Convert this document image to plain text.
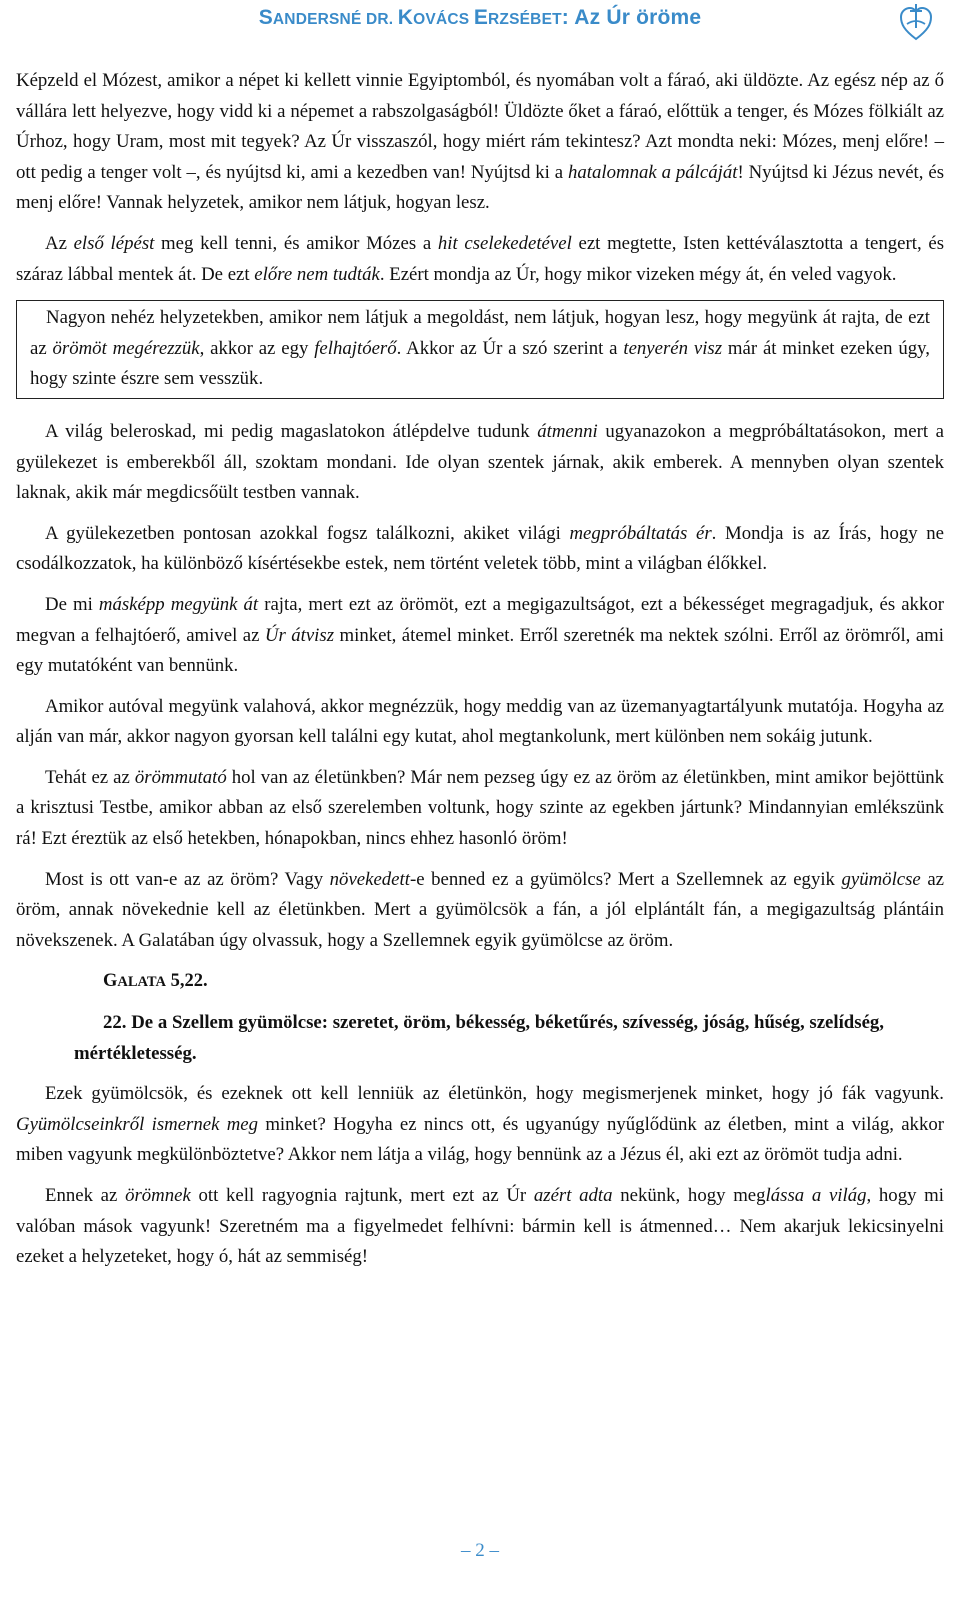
SANDERSNÉ DR. KOVÁCS ERZSÉBET: Az Úr öröme

Képzeld el Mózest, amikor a népet ki kellett vinnie Egyiptomból, és nyomában volt a fáraó, aki üldözte. Az egész nép az ő vállára lett helyezve, hogy vidd ki a népemet a rabszolgaságból! Üldözte őket a fáraó, előttük a tenger, és Mózes fölkiált az Úrhoz, hogy Uram, most mit tegyek? Az Úr visszaszól, hogy miért rám tekintesz? Azt mondta neki: Mózes, menj előre! – ott pedig a tenger volt –, és nyújtsd ki, ami a kezedben van! Nyújtsd ki a hatalomnak a pálcáját! Nyújtsd ki Jézus nevét, és menj előre! Vannak helyzetek, amikor nem látjuk, hogyan lesz.

Az első lépést meg kell tenni, és amikor Mózes a hit cselekedetével ezt megtette, Isten kettéválasztotta a tengert, és száraz lábbal mentek át. De ezt előre nem tudták. Ezért mondja az Úr, hogy mikor vizeken mégy át, én veled vagyok.

Nagyon nehéz helyzetekben, amikor nem látjuk a megoldást, nem látjuk, hogyan lesz, hogy megyünk át rajta, de ezt az örömöt megérezzük, akkor az egy felhajtóerő. Akkor az Úr a szó szerint a tenyerén visz már át minket ezeken úgy, hogy szinte észre sem vesszük.

A világ beleroskad, mi pedig magaslatokon átlépdelve tudunk átmenni ugyanazokon a megpróbáltatásokon, mert a gyülekezet is emberekből áll, szoktam mondani. Ide olyan szentek járnak, akik emberek. A mennyben olyan szentek laknak, akik már megdicsőült testben vannak.

A gyülekezetben pontosan azokkal fogsz találkozni, akiket világi megpróbáltatás ér. Mondja is az Írás, hogy ne csodálkozzatok, ha különböző kísértésekbe estek, nem történt veletek több, mint a világban élőkkel.

De mi másképp megyünk át rajta, mert ezt az örömöt, ezt a megigazultságot, ezt a békességet megragadjuk, és akkor megvan a felhajtóerő, amivel az Úr átvisz minket, átemel minket. Erről szeretnék ma nektek szólni. Erről az örömről, ami egy mutatóként van bennünk.

Amikor autóval megyünk valahová, akkor megnézzük, hogy meddig van az üzemanyagtartályunk mutatója. Hogyha az alján van már, akkor nagyon gyorsan kell találni egy kutat, ahol megtankolunk, mert különben nem sokáig jutunk.

Tehát ez az örömmutató hol van az életünkben? Már nem pezseg úgy ez az öröm az életünkben, mint amikor bejöttünk a krisztusi Testbe, amikor abban az első szerelemben voltunk, hogy szinte az egekben jártunk? Mindannyian emlékszünk rá! Ezt éreztük az első hetekben, hónapokban, nincs ehhez hasonló öröm!

Most is ott van-e az az öröm? Vagy növekedett-e benned ez a gyümölcs? Mert a Szellemnek az egyik gyümölcse az öröm, annak növekednie kell az életünkben. Mert a gyümölcsök a fán, a jól elplántált fán, a megigazultság plántáin növekszenek. A Galatában úgy olvassuk, hogy a Szellemnek egyik gyümölcse az öröm.

GALATA 5,22.

22. De a Szellem gyümölcse: szeretet, öröm, békesség, béketűrés, szívesség, jóság, hűség, szelídség, mértékletesség.

Ezek gyümölcsök, és ezeknek ott kell lenniük az életünkön, hogy megismerjenek minket, hogy jó fák vagyunk. Gyümölcseinkről ismernek meg minket? Hogyha ez nincs ott, és ugyanúgy nyűglődünk az életben, mint a világ, akkor miben vagyunk megkülönböztetve? Akkor nem látja a világ, hogy bennünk az a Jézus él, aki ezt az örömöt tudja adni.

Ennek az örömnek ott kell ragyognia rajtunk, mert ezt az Úr azért adta nekünk, hogy meglássa a világ, hogy mi valóban mások vagyunk! Szeretném ma a figyelmedet felhívni: bármin kell is átmenned… Nem akarjuk lekicsinyelni ezeket a helyzeteket, hogy ó, hát az semmiség!

– 2 –
